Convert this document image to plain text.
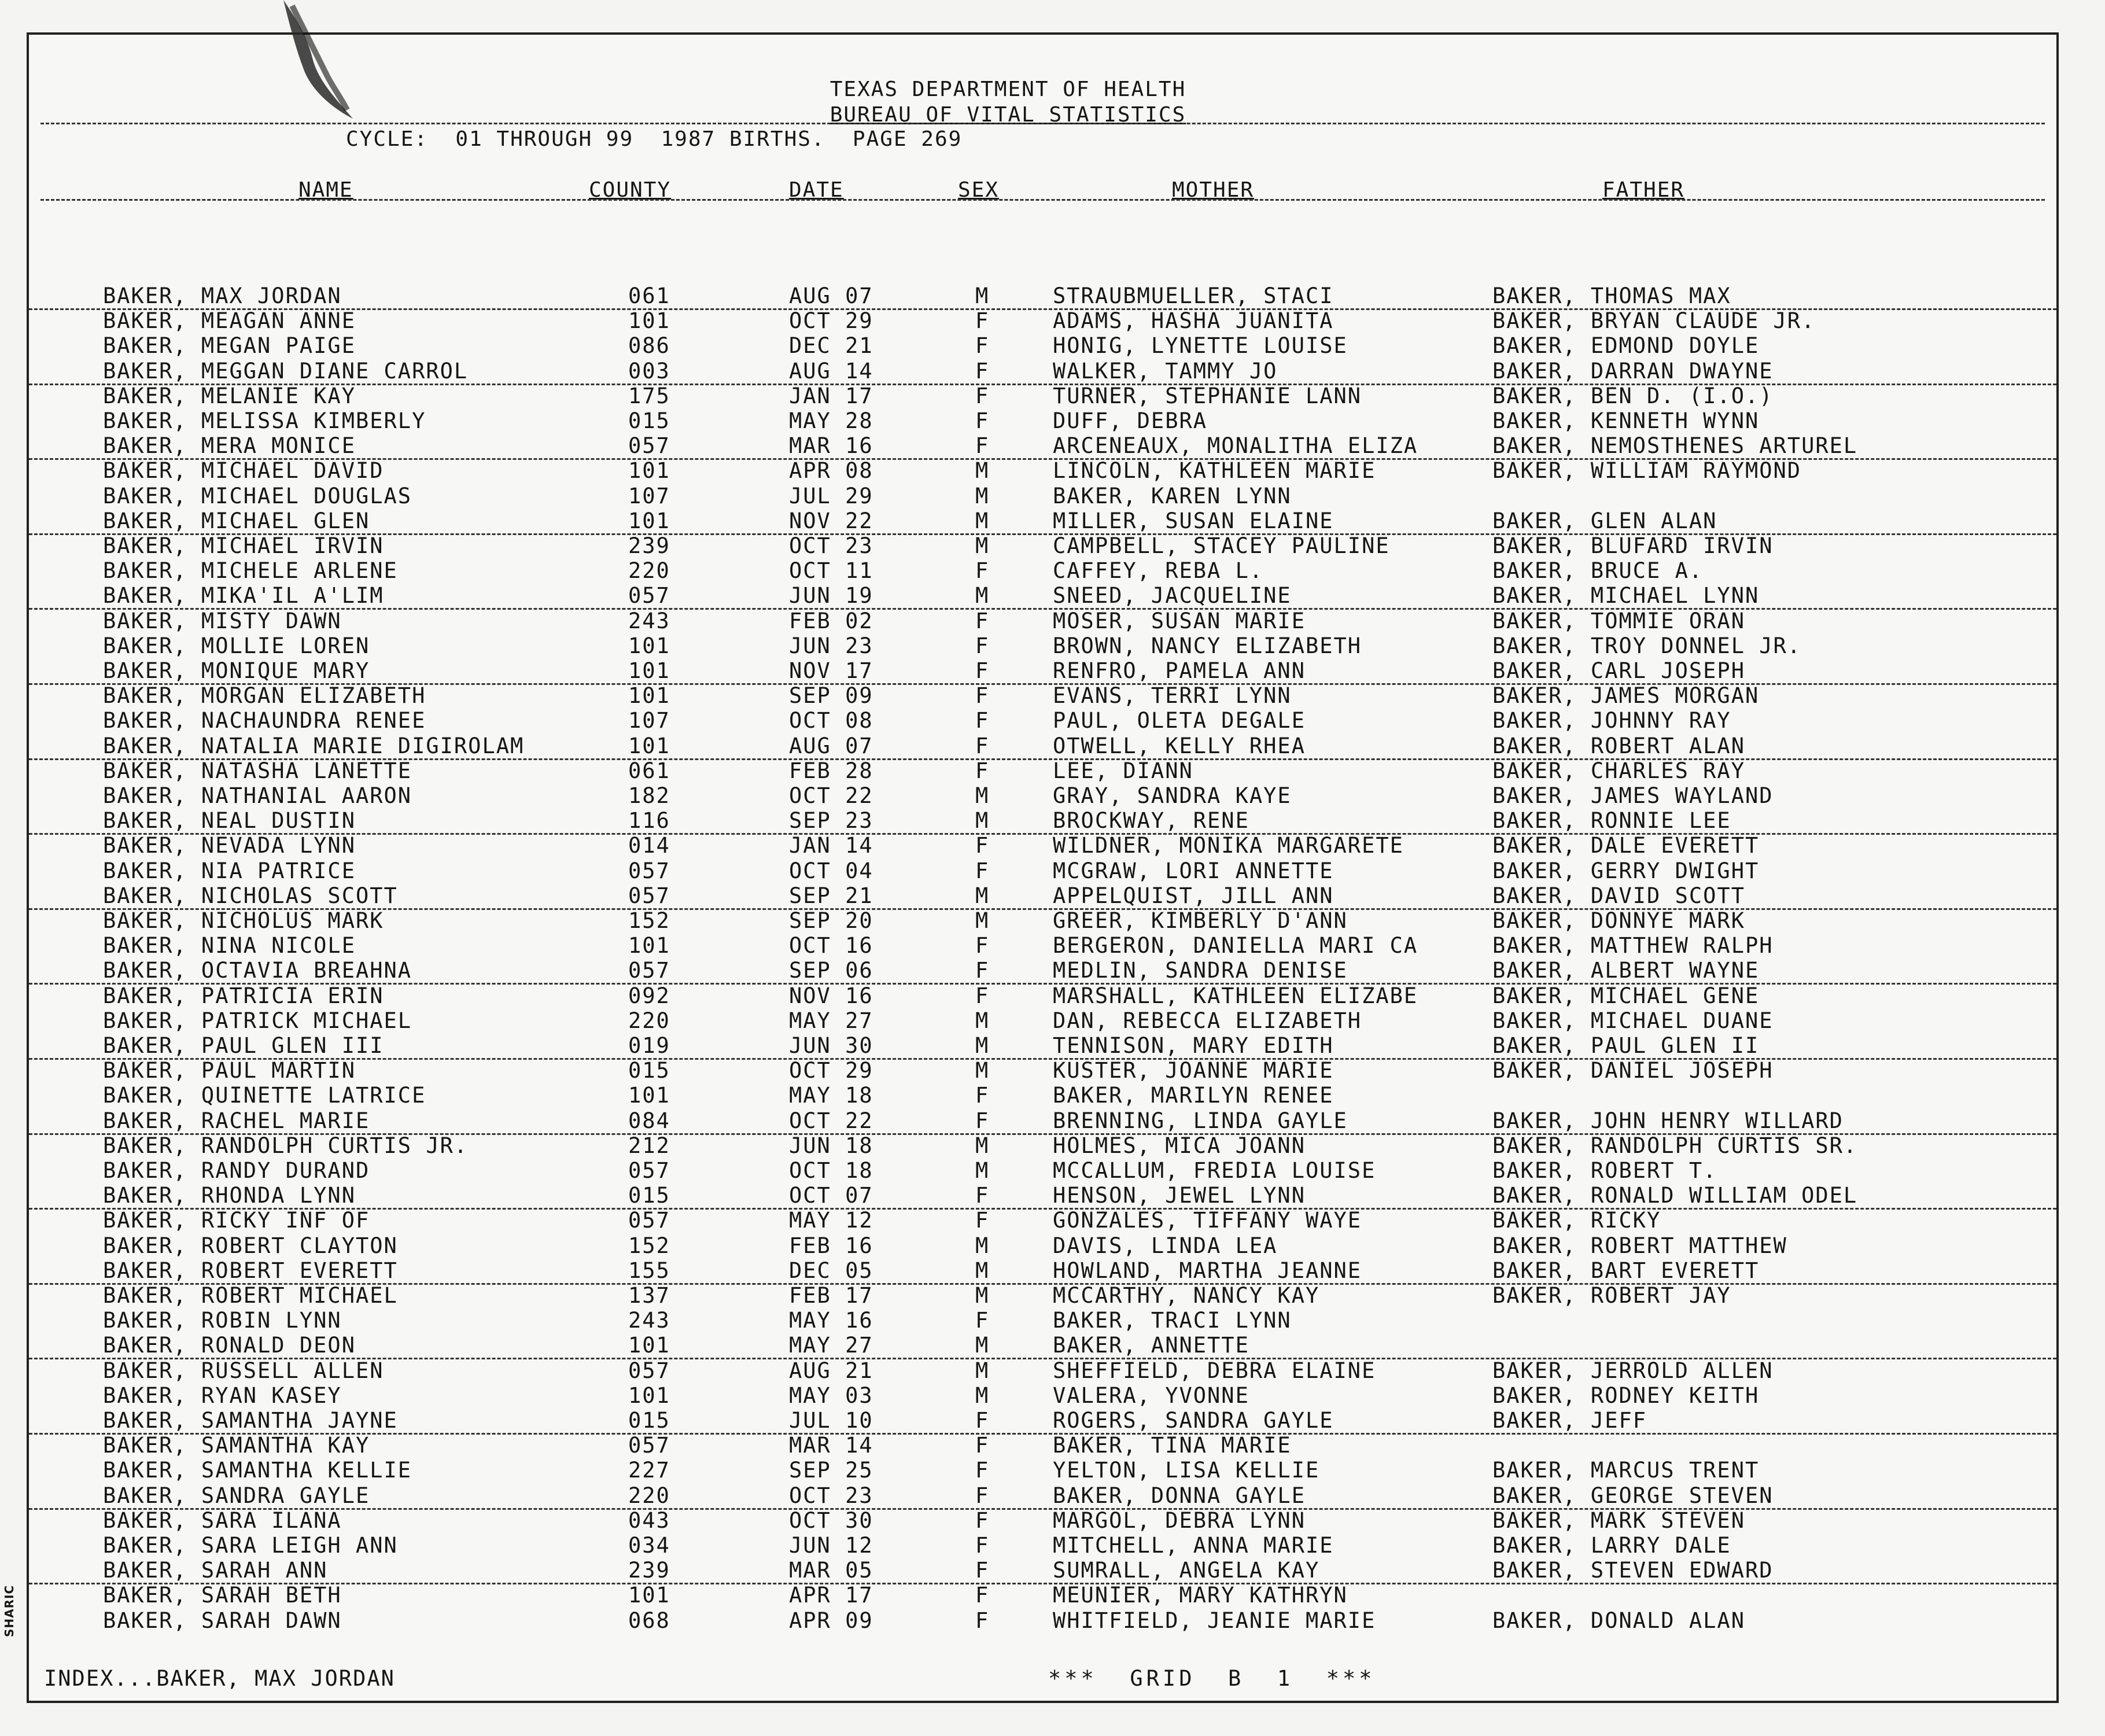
TEXAS DEPARTMENT OF HEALTH
BUREAU OF VITAL STATISTICS
CYCLE:  01 THROUGH 99  1987 BIRTHS.  PAGE 269
NAME	COUNTY	DATE	SEX	MOTHER	FATHER
BAKER, MAX JORDAN	061	AUG 07	M	STRAUBMUELLER, STACI	BAKER, THOMAS MAX
BAKER, MEAGAN ANNE	101	OCT 29	F	ADAMS, HASHA JUANITA	BAKER, BRYAN CLAUDE JR.
BAKER, MEGAN PAIGE	086	DEC 21	F	HONIG, LYNETTE LOUISE	BAKER, EDMOND DOYLE
BAKER, MEGGAN DIANE CARROL	003	AUG 14	F	WALKER, TAMMY JO	BAKER, DARRAN DWAYNE
BAKER, MELANIE KAY	175	JAN 17	F	TURNER, STEPHANIE LANN	BAKER, BEN D. (I.O.)
BAKER, MELISSA KIMBERLY	015	MAY 28	F	DUFF, DEBRA	BAKER, KENNETH WYNN
BAKER, MERA MONICE	057	MAR 16	F	ARCENEAUX, MONALITHA ELIZA	BAKER, NEMOSTHENES ARTUREL
BAKER, MICHAEL DAVID	101	APR 08	M	LINCOLN, KATHLEEN MARIE	BAKER, WILLIAM RAYMOND
BAKER, MICHAEL DOUGLAS	107	JUL 29	M	BAKER, KAREN LYNN
BAKER, MICHAEL GLEN	101	NOV 22	M	MILLER, SUSAN ELAINE	BAKER, GLEN ALAN
BAKER, MICHAEL IRVIN	239	OCT 23	M	CAMPBELL, STACEY PAULINE	BAKER, BLUFARD IRVIN
BAKER, MICHELE ARLENE	220	OCT 11	F	CAFFEY, REBA L.	BAKER, BRUCE A.
BAKER, MIKA'IL A'LIM	057	JUN 19	M	SNEED, JACQUELINE	BAKER, MICHAEL LYNN
BAKER, MISTY DAWN	243	FEB 02	F	MOSER, SUSAN MARIE	BAKER, TOMMIE ORAN
BAKER, MOLLIE LOREN	101	JUN 23	F	BROWN, NANCY ELIZABETH	BAKER, TROY DONNEL JR.
BAKER, MONIQUE MARY	101	NOV 17	F	RENFRO, PAMELA ANN	BAKER, CARL JOSEPH
BAKER, MORGAN ELIZABETH	101	SEP 09	F	EVANS, TERRI LYNN	BAKER, JAMES MORGAN
BAKER, NACHAUNDRA RENEE	107	OCT 08	F	PAUL, OLETA DEGALE	BAKER, JOHNNY RAY
BAKER, NATALIA MARIE DIGIROLAM	101	AUG 07	F	OTWELL, KELLY RHEA	BAKER, ROBERT ALAN
BAKER, NATASHA LANETTE	061	FEB 28	F	LEE, DIANN	BAKER, CHARLES RAY
BAKER, NATHANIAL AARON	182	OCT 22	M	GRAY, SANDRA KAYE	BAKER, JAMES WAYLAND
BAKER, NEAL DUSTIN	116	SEP 23	M	BROCKWAY, RENE	BAKER, RONNIE LEE
BAKER, NEVADA LYNN	014	JAN 14	F	WILDNER, MONIKA MARGARETE	BAKER, DALE EVERETT
BAKER, NIA PATRICE	057	OCT 04	F	MCGRAW, LORI ANNETTE	BAKER, GERRY DWIGHT
BAKER, NICHOLAS SCOTT	057	SEP 21	M	APPELQUIST, JILL ANN	BAKER, DAVID SCOTT
BAKER, NICHOLUS MARK	152	SEP 20	M	GREER, KIMBERLY D'ANN	BAKER, DONNYE MARK
BAKER, NINA NICOLE	101	OCT 16	F	BERGERON, DANIELLA MARI CA	BAKER, MATTHEW RALPH
BAKER, OCTAVIA BREAHNA	057	SEP 06	F	MEDLIN, SANDRA DENISE	BAKER, ALBERT WAYNE
BAKER, PATRICIA ERIN	092	NOV 16	F	MARSHALL, KATHLEEN ELIZABE	BAKER, MICHAEL GENE
BAKER, PATRICK MICHAEL	220	MAY 27	M	DAN, REBECCA ELIZABETH	BAKER, MICHAEL DUANE
BAKER, PAUL GLEN III	019	JUN 30	M	TENNISON, MARY EDITH	BAKER, PAUL GLEN II
BAKER, PAUL MARTIN	015	OCT 29	M	KUSTER, JOANNE MARIE	BAKER, DANIEL JOSEPH
BAKER, QUINETTE LATRICE	101	MAY 18	F	BAKER, MARILYN RENEE
BAKER, RACHEL MARIE	084	OCT 22	F	BRENNING, LINDA GAYLE	BAKER, JOHN HENRY WILLARD
BAKER, RANDOLPH CURTIS JR.	212	JUN 18	M	HOLMES, MICA JOANN	BAKER, RANDOLPH CURTIS SR.
BAKER, RANDY DURAND	057	OCT 18	M	MCCALLUM, FREDIA LOUISE	BAKER, ROBERT T.
BAKER, RHONDA LYNN	015	OCT 07	F	HENSON, JEWEL LYNN	BAKER, RONALD WILLIAM ODEL
BAKER, RICKY INF OF	057	MAY 12	F	GONZALES, TIFFANY WAYE	BAKER, RICKY
BAKER, ROBERT CLAYTON	152	FEB 16	M	DAVIS, LINDA LEA	BAKER, ROBERT MATTHEW
BAKER, ROBERT EVERETT	155	DEC 05	M	HOWLAND, MARTHA JEANNE	BAKER, BART EVERETT
BAKER, ROBERT MICHAEL	137	FEB 17	M	MCCARTHY, NANCY KAY	BAKER, ROBERT JAY
BAKER, ROBIN LYNN	243	MAY 16	F	BAKER, TRACI LYNN
BAKER, RONALD DEON	101	MAY 27	M	BAKER, ANNETTE
BAKER, RUSSELL ALLEN	057	AUG 21	M	SHEFFIELD, DEBRA ELAINE	BAKER, JERROLD ALLEN
BAKER, RYAN KASEY	101	MAY 03	M	VALERA, YVONNE	BAKER, RODNEY KEITH
BAKER, SAMANTHA JAYNE	015	JUL 10	F	ROGERS, SANDRA GAYLE	BAKER, JEFF
BAKER, SAMANTHA KAY	057	MAR 14	F	BAKER, TINA MARIE
BAKER, SAMANTHA KELLIE	227	SEP 25	F	YELTON, LISA KELLIE	BAKER, MARCUS TRENT
BAKER, SANDRA GAYLE	220	OCT 23	F	BAKER, DONNA GAYLE	BAKER, GEORGE STEVEN
BAKER, SARA ILANA	043	OCT 30	F	MARGOL, DEBRA LYNN	BAKER, MARK STEVEN
BAKER, SARA LEIGH ANN	034	JUN 12	F	MITCHELL, ANNA MARIE	BAKER, LARRY DALE
BAKER, SARAH ANN	239	MAR 05	F	SUMRALL, ANGELA KAY	BAKER, STEVEN EDWARD
BAKER, SARAH BETH	101	APR 17	F	MEUNIER, MARY KATHRYN
BAKER, SARAH DAWN	068	APR 09	F	WHITFIELD, JEANIE MARIE	BAKER, DONALD ALAN
INDEX...BAKER, MAX JORDAN	***  GRID  B  1  ***
SHARIC
